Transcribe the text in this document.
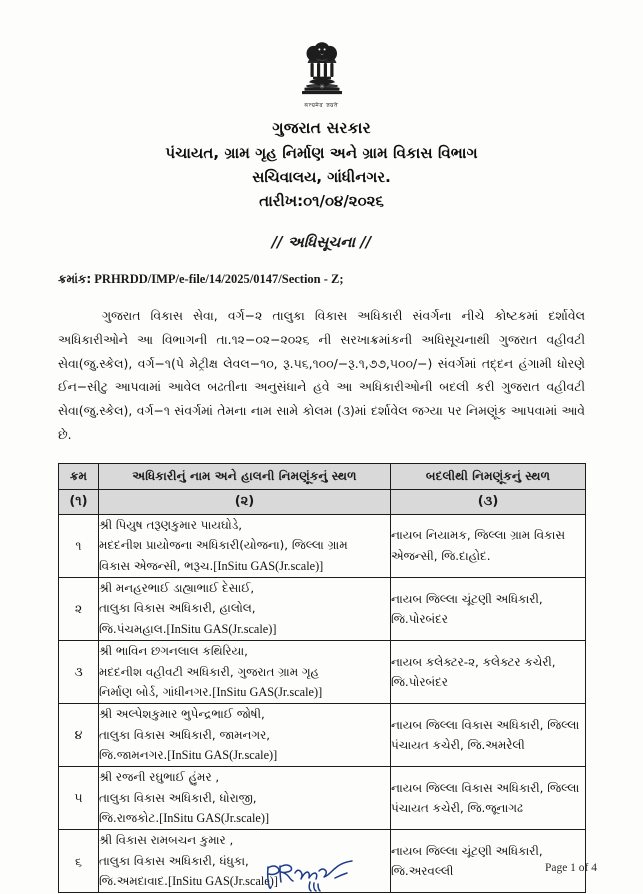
सत्यमेव जयते
ગુજરાત સરકાર
પંચાયત, ગ્રામ ગૃહ નિર્માણ અને ગ્રામ વિકાસ વિભાગ
સચિવાલય, ગાંધીનગર.
તારીખ:૦૧/૦૪/૨૦૨૬
// અધિસૂચના //
ક્રમાંક: PRHRDD/IMP/e-file/14/2025/0147/Section - Z;

ગુજરાત વિકાસ સેવા, વર્ગ−૨ તાલુકા વિકાસ અધિકારી સંવર્ગના નીચે કોષ્ટકમાં દર્શાવેલ અધિકારીઓને આ વિભાગની તા.૧૨−૦૨−૨૦૨૬ ની સરખાક્રમાંકની અધિસૂચનાથી ગુજરાત વહીવટી સેવા(જુ.સ્કેલ), વર્ગ−૧(પે મેટ્રીક્ષ લેવલ−૧૦, રૂ.૫૬,૧૦૦/−રૂ.૧,૭૭,૫૦૦/−) સંવર્ગમાં તદ્દન હંગામી ધોરણે ઈન−સીટુ આપવામાં આવેલ બઢતીના અનુસંધાને હવે આ અધિકારીઓની બદલી કરી ગુજરાત વહીવટી સેવા(જુ.સ્કેલ), વર્ગ−૧ સંવર્ગમાં તેમના નામ સામે કોલમ (૩)માં દર્શાવેલ જગ્યા પર નિમણૂંક આપવામાં આવે છે.

ક્રમ	અધિકારીનું નામ અને હાલની નિમણૂંકનું સ્થળ	બદલીથી નિમણૂંકનું સ્થળ
(૧)	(૨)	(૩)
૧	શ્રી પિયુષ તરૂણકુમાર પાયઘોડે,
મદદનીશ પ્રાયોજના અધિકારી(યોજના), જિલ્લા ગ્રામ
વિકાસ એજન્સી, ભરૂચ.[InSitu GAS(Jr.scale)]	નાયબ નિયામક, જિલ્લા ગ્રામ વિકાસ
એજન્સી, જિ.દાહોદ.
૨	શ્રી મનહરભાઈ ડાહ્યાભાઈ દેસાઈ,
તાલુકા વિકાસ અધિકારી, હાલોલ,
જિ.પંચમહાલ.[InSitu GAS(Jr.scale)]	નાયબ જિલ્લા ચૂંટણી અધિકારી,
જિ.પોરબંદર
૩	શ્રી ભાવિન છગનલાલ કથિરિયા,
મદદનીશ વહીવટી અધિકારી, ગુજરાત ગ્રામ ગૃહ
નિર્માણ બોર્ડ, ગાંધીનગર.[InSitu GAS(Jr.scale)]	નાયબ કલેક્ટર-૨, કલેક્ટર કચેરી,
જિ.પોરબંદર
૪	શ્રી અલ્પેશકુમાર ભુપેન્દ્રભાઈ જોષી,
તાલુકા વિકાસ અધિકારી, જામનગર,
જિ.જામનગર.[InSitu GAS(Jr.scale)]	નાયબ જિલ્લા વિકાસ અધિકારી, જિલ્લા
પંચાયત કચેરી, જિ.અમરેલી
૫	શ્રી રજની રઘુભાઈ હુંમર ,
તાલુકા વિકાસ અધિકારી, ધોરાજી,
જિ.રાજકોટ.[InSitu GAS(Jr.scale)]	નાયબ જિલ્લા વિકાસ અધિકારી, જિલ્લા
પંચાયત કચેરી, જિ.જૂનાગઢ
૬	શ્રી વિકાસ રામબચન કુમાર ,
તાલુકા વિકાસ અધિકારી, ધંધુકા,
જિ.અમદાવાદ.[InSitu GAS(Jr.scale)]	નાયબ જિલ્લા ચૂંટણી અધિકારી,
જિ.અરવલ્લી	Page 1 of 4
